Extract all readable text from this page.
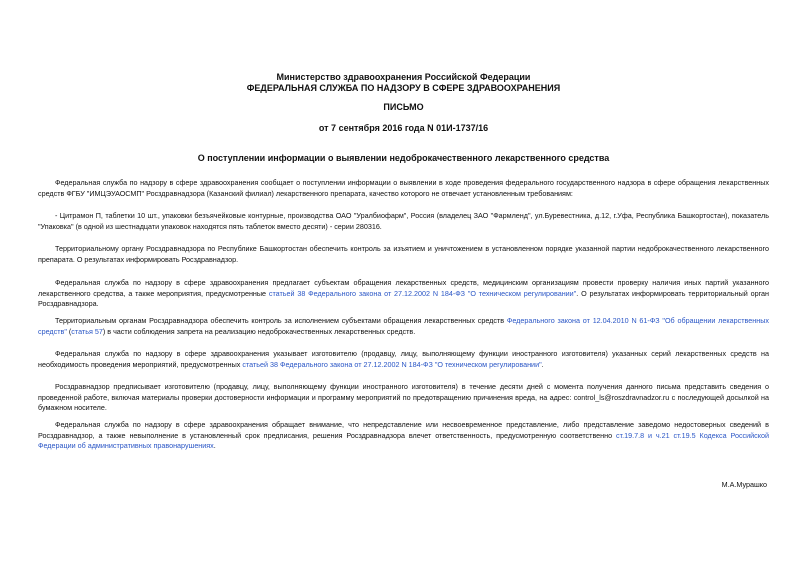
Министерство здравоохранения Российской Федерации
ФЕДЕРАЛЬНАЯ СЛУЖБА ПО НАДЗОРУ В СФЕРЕ ЗДРАВООХРАНЕНИЯ
ПИСЬМО
от 7 сентября 2016 года N 01И-1737/16
О поступлении информации о выявлении недоброкачественного лекарственного средства

Федеральная служба по надзору в сфере здравоохранения сообщает о поступлении информации о выявлении в ходе проведения федерального государственного надзора в сфере обращения лекарственных средств ФГБУ "ИМЦЭУАОСМП" Росздравнадзора (Казанский филиал) лекарственного препарата, качество которого не отвечает установленным требованиям:

- Цитрамон П, таблетки 10 шт., упаковки безъячейковые контурные, производства ОАО "Уралбиофарм", Россия (владелец ЗАО "Фармленд", ул.Буревестника, д.12, г.Уфа, Республика Башкортостан), показатель "Упаковка" (в одной из шестнадцати упаковок находятся пять таблеток вместо десяти) - серии 280316.

Территориальному органу Росздравнадзора по Республике Башкортостан обеспечить контроль за изъятием и уничтожением в установленном порядке указанной партии недоброкачественного лекарственного препарата. О результатах информировать Росздравнадзор.

Федеральная служба по надзору в сфере здравоохранения предлагает субъектам обращения лекарственных средств, медицинским организациям провести проверку наличия иных партий указанного лекарственного средства, а также мероприятия, предусмотренные статьей 38 Федерального закона от 27.12.2002 N 184-ФЗ "О техническом регулировании". О результатах информировать территориальный орган Росздравнадзора.

Территориальным органам Росздравнадзора обеспечить контроль за исполнением субъектами обращения лекарственных средств Федерального закона от 12.04.2010 N 61-ФЗ "Об обращении лекарственных средств" (статья 57) в части соблюдения запрета на реализацию недоброкачественных лекарственных средств.

Федеральная служба по надзору в сфере здравоохранения указывает изготовителю (продавцу, лицу, выполняющему функции иностранного изготовителя) указанных серий лекарственных средств на необходимость проведения мероприятий, предусмотренных статьей 38 Федерального закона от 27.12.2002 N 184-ФЗ "О техническом регулировании".

Росздравнадзор предписывает изготовителю (продавцу, лицу, выполняющему функции иностранного изготовителя) в течение десяти дней с момента получения данного письма представить сведения о проведенной работе, включая материалы проверки достоверности информации и программу мероприятий по предотвращению причинения вреда, на адрес: control_ls@roszdravnadzor.ru с последующей досылкой на бумажном носителе.

Федеральная служба по надзору в сфере здравоохранения обращает внимание, что непредставление или несвоевременное представление, либо представление заведомо недостоверных сведений в Росздравнадзор, а также невыполнение в установленный срок предписания, решения Росздравнадзора влечет ответственность, предусмотренную соответственно ст.19.7.8 и ч.21 ст.19.5 Кодекса Российской Федерации об административных правонарушениях.

М.А.Мурашко
